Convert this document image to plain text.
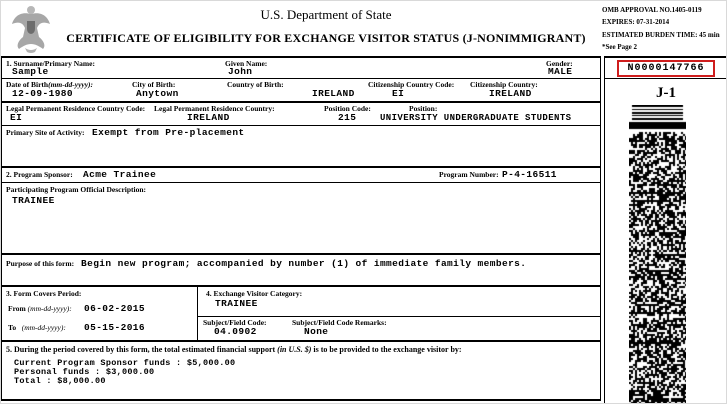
U.S. Department of State
CERTIFICATE OF ELIGIBILITY FOR EXCHANGE VISITOR STATUS (J-NONIMMIGRANT)
OMB APPROVAL NO.1405-0119
EXPIRES: 07-31-2014
ESTIMATED BURDEN TIME: 45 min
*See Page 2
1. Surname/Primary Name:
Sample
Given Name:
John
Gender:
MALE
Date of Birth(mm-dd-yyyy):
12-09-1980
City of Birth:
Anytown
Country of Birth:
IRELAND
Citizenship Country Code:
EI
Citizenship Country:
IRELAND
Legal Permanent Residence Country Code:
EI
Legal Permanent Residence Country:
IRELAND
Position Code:
215
Position:
UNIVERSITY UNDERGRADUATE STUDENTS
Primary Site of Activity: Exempt from Pre-placement
2. Program Sponsor: Acme Trainee	Program Number: P-4-16511
Participating Program Official Description:
TRAINEE
Purpose of this form: Begin new program; accompanied by number (1) of immediate family members.
3. Form Covers Period:
From (mm-dd-yyyy): 06-02-2015
To (mm-dd-yyyy): 05-15-2016
4. Exchange Visitor Category:
TRAINEE
Subject/Field Code:
04.0902
Subject/Field Code Remarks:
None
5. During the period covered by this form, the total estimated financial support (in U.S. $) is to be provided to the exchange visitor by:
Current Program Sponsor funds : $5,000.00
Personal funds : $3,000.00
Total : $8,000.00
N0000147766
J-1
